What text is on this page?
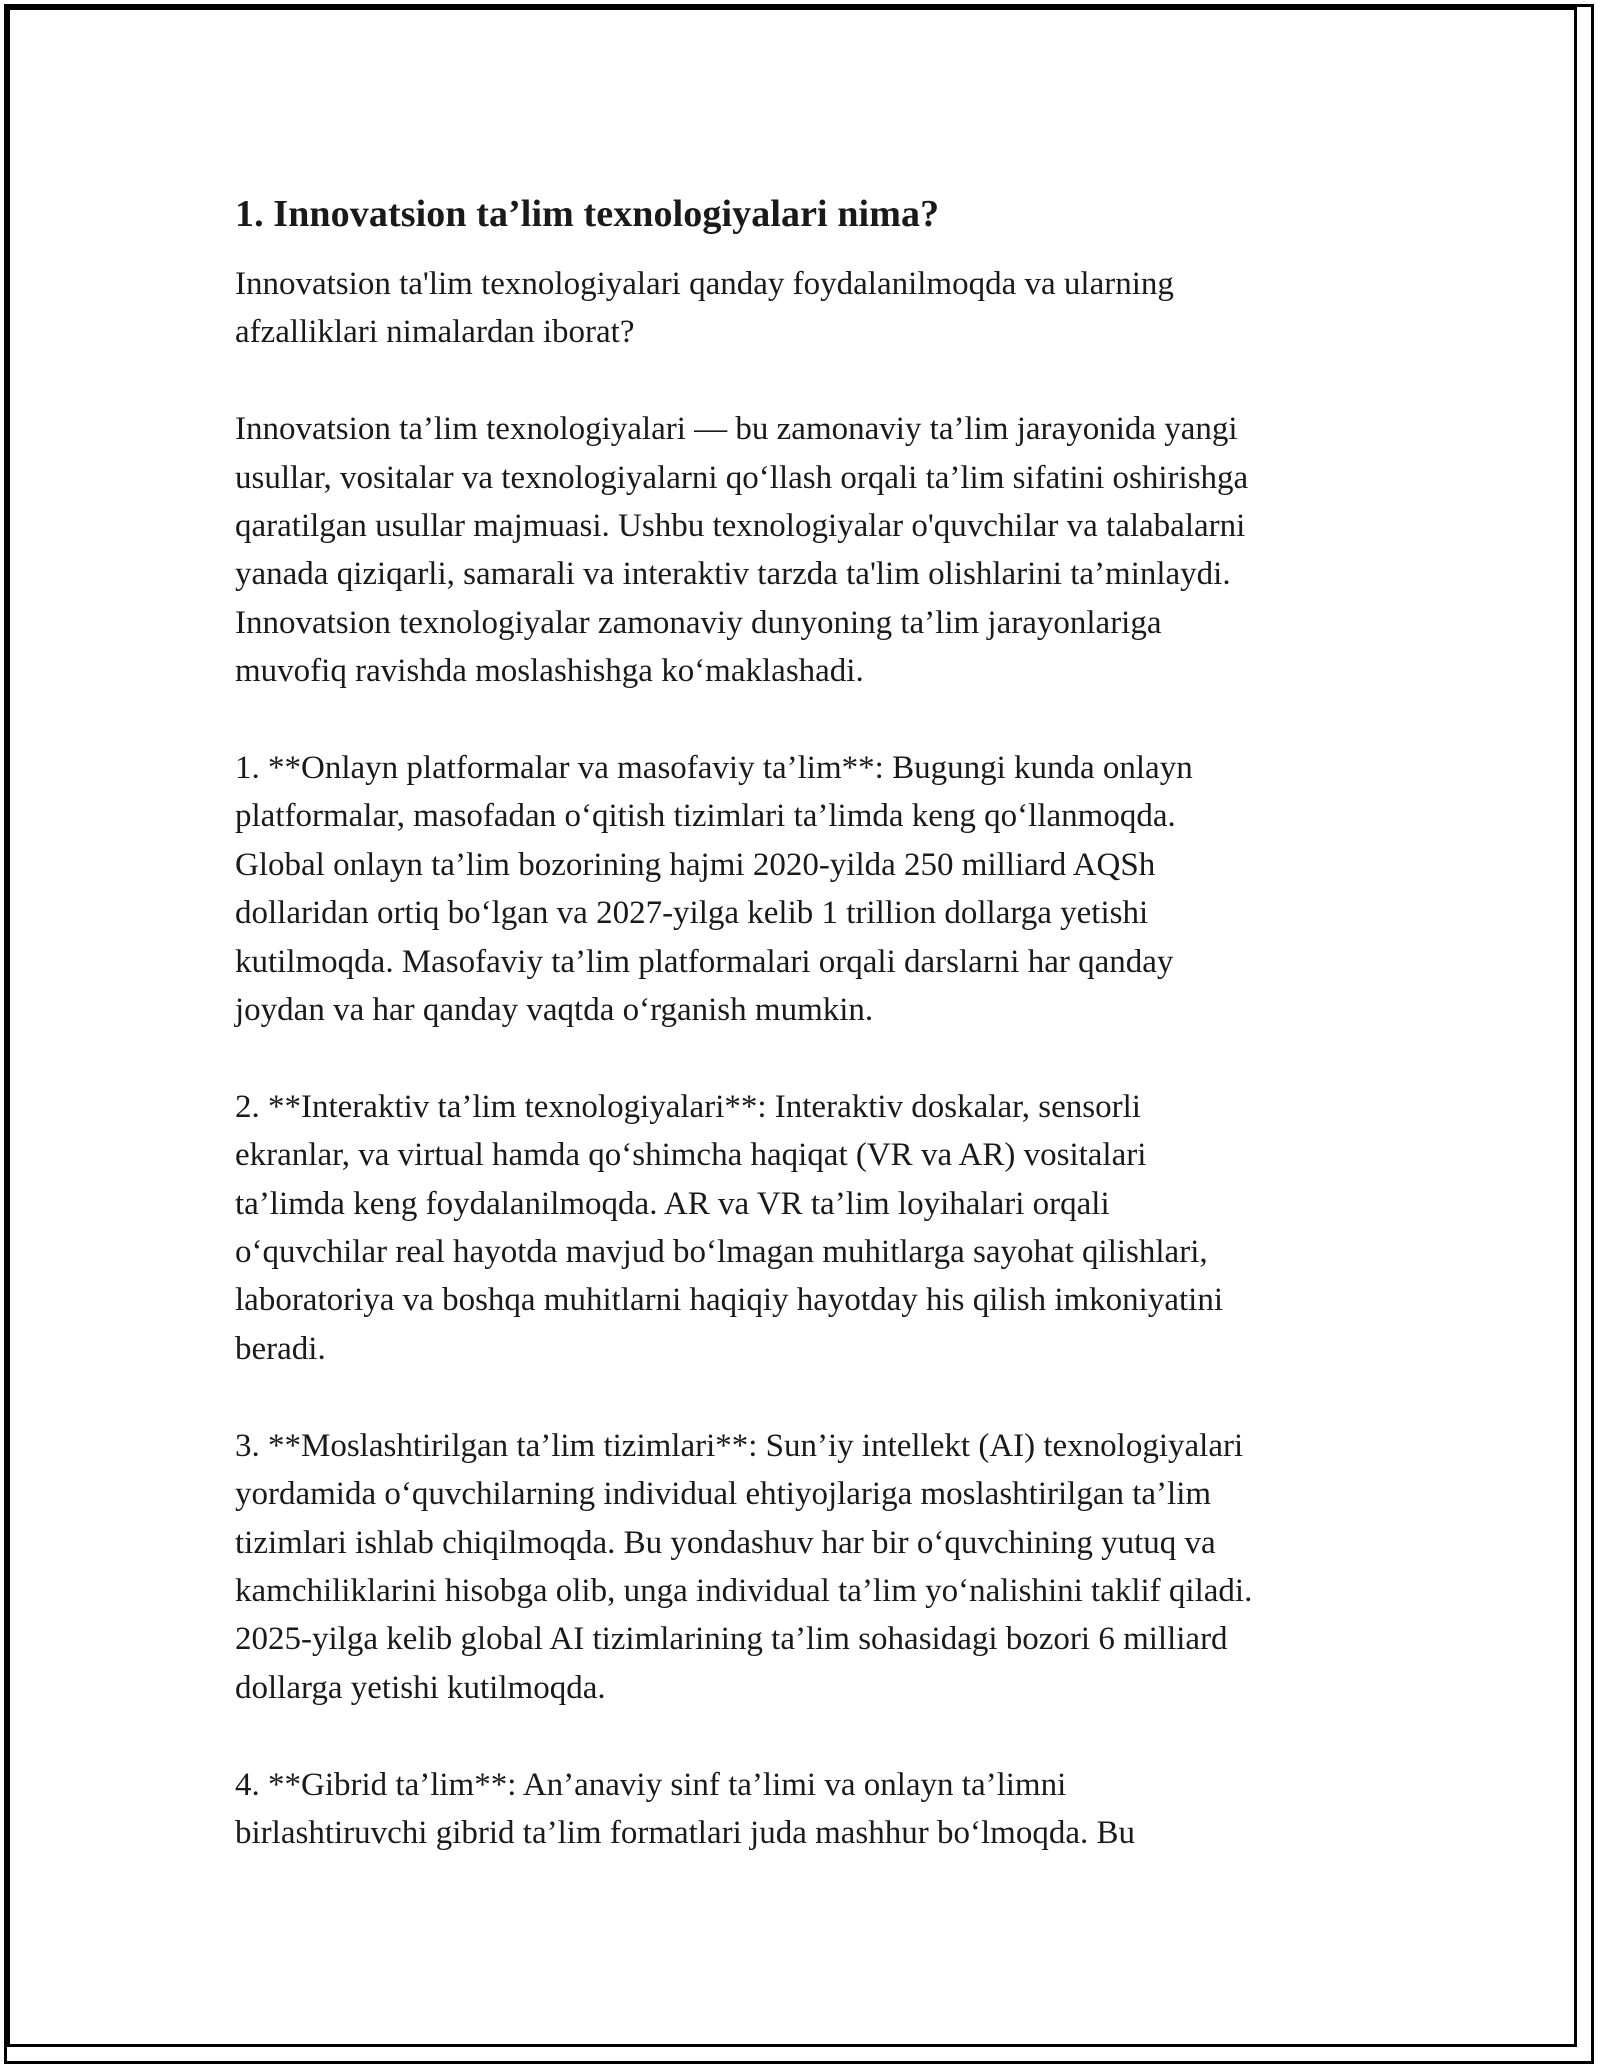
1. Innovatsion ta’lim texnologiyalari nima?

Innovatsion ta'lim texnologiyalari qanday foydalanilmoqda va ularning
afzalliklari nimalardan iborat?

Innovatsion ta’lim texnologiyalari — bu zamonaviy ta’lim jarayonida yangi
usullar, vositalar va texnologiyalarni qo‘llash orqali ta’lim sifatini oshirishga
qaratilgan usullar majmuasi. Ushbu texnologiyalar o'quvchilar va talabalarni
yanada qiziqarli, samarali va interaktiv tarzda ta'lim olishlarini ta’minlaydi.
Innovatsion texnologiyalar zamonaviy dunyoning ta’lim jarayonlariga
muvofiq ravishda moslashishga ko‘maklashadi.

1. **Onlayn platformalar va masofaviy ta’lim**: Bugungi kunda onlayn
platformalar, masofadan o‘qitish tizimlari ta’limda keng qo‘llanmoqda.
Global onlayn ta’lim bozorining hajmi 2020-yilda 250 milliard AQSh
dollaridan ortiq bo‘lgan va 2027-yilga kelib 1 trillion dollarga yetishi
kutilmoqda. Masofaviy ta’lim platformalari orqali darslarni har qanday
joydan va har qanday vaqtda o‘rganish mumkin.

2. **Interaktiv ta’lim texnologiyalari**: Interaktiv doskalar, sensorli
ekranlar, va virtual hamda qo‘shimcha haqiqat (VR va AR) vositalari
ta’limda keng foydalanilmoqda. AR va VR ta’lim loyihalari orqali
o‘quvchilar real hayotda mavjud bo‘lmagan muhitlarga sayohat qilishlari,
laboratoriya va boshqa muhitlarni haqiqiy hayotday his qilish imkoniyatini
beradi.

3. **Moslashtirilgan ta’lim tizimlari**: Sun’iy intellekt (AI) texnologiyalari
yordamida o‘quvchilarning individual ehtiyojlariga moslashtirilgan ta’lim
tizimlari ishlab chiqilmoqda. Bu yondashuv har bir o‘quvchining yutuq va
kamchiliklarini hisobga olib, unga individual ta’lim yo‘nalishini taklif qiladi.
2025-yilga kelib global AI tizimlarining ta’lim sohasidagi bozori 6 milliard
dollarga yetishi kutilmoqda.

4. **Gibrid ta’lim**: An’anaviy sinf ta’limi va onlayn ta’limni
birlashtiruvchi gibrid ta’lim formatlari juda mashhur bo‘lmoqda. Bu
